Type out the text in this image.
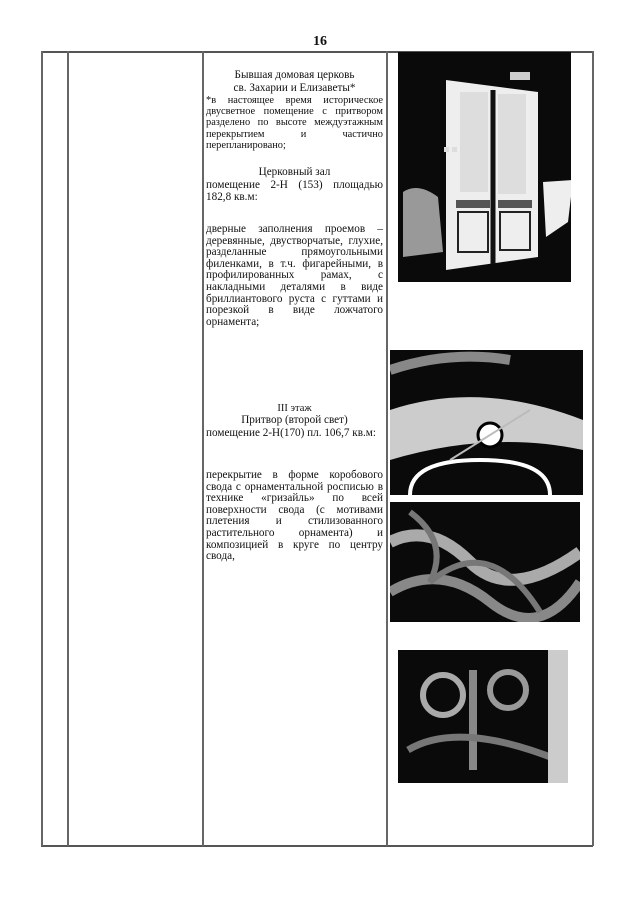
16
Бывшая домовая церковь
св. Захарии и Елизаветы*
*в настоящее время историческое двусветное помещение с притвором разделено по высоте междуэтажным перекрытием и частично перепланировано;
Церковный зал
помещение 2-Н (153) площадью 182,8 кв.м:
дверные заполнения проемов – деревянные, двустворчатые, глухие, разделанные прямоугольными филенками, в т.ч. фигарейными, в профилированных рамах, с накладными деталями в виде бриллиантового руста с гуттами и порезкой в виде ложчатого орнамента;
III этаж
Притвор (второй свет)
помещение 2-Н(170) пл. 106,7 кв.м:
перекрытие в форме коробового свода с орнаментальной росписью в технике «гризайль» по всей поверхности свода (с мотивами плетения и стилизованного растительного орнамента) и композицией в круге по центру свода,
